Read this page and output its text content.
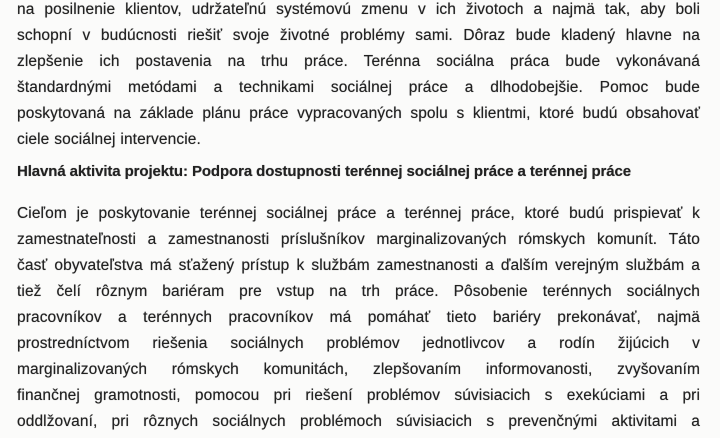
na posilnenie klientov, udržateľnú systémovú zmenu v ich životoch a najmä tak, aby boli
schopní v budúcnosti riešiť svoje životné problémy sami. Dôraz bude kladený hlavne na
zlepšenie ich postavenia na trhu práce. Terénna sociálna práca bude vykonávaná
štandardnými metódami a technikami sociálnej práce a dlhodobejšie. Pomoc bude
poskytovaná na základe plánu práce vypracovaných spolu s klientmi, ktoré budú obsahovať
ciele sociálnej intervencie.
Hlavná aktivita projektu: Podpora dostupnosti terénnej sociálnej práce a terénnej práce
Cieľom je poskytovanie terénnej sociálnej práce a terénnej práce, ktoré budú prispievať k
zamestnateľnosti a zamestnanosti príslušníkov marginalizovaných rómskych komunít. Táto
časť obyvateľstva má sťažený prístup k službám zamestnanosti a ďalším verejným službám a
tiež čelí rôznym bariéram pre vstup na trh práce. Pôsobenie terénnych sociálnych
pracovníkov a terénnych pracovníkov má pomáhať tieto bariéry prekonávať, najmä
prostredníctvom riešenia sociálnych problémov jednotlivcov a rodín žijúcich v
marginalizovaných rómskych komunitách, zlepšovaním informovanosti, zvyšovaním
finančnej gramotnosti, pomocou pri riešení problémov súvisiacich s exekúciami a pri
oddlžovaní, pri rôznych sociálnych problémoch súvisiacich s prevenčnými aktivitami a
